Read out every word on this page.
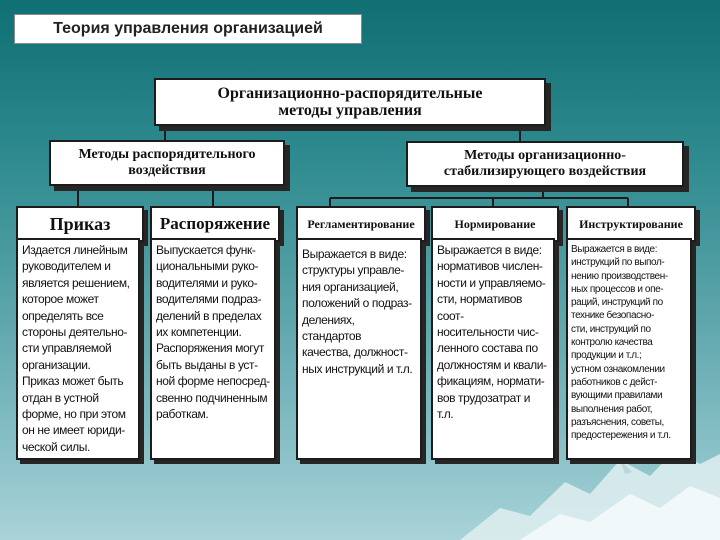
Теория управления организацией
Организационно-распорядительные
методы управления
Методы распорядительного
воздействия
Методы организационно-
стабилизирующего воздействия
Приказ
Издается линейным
руководителем и
является решением,
которое может
определять все
стороны деятельно-
сти управляемой
организации.
Приказ может быть
отдан в устной
форме, но при этом
он не имеет юриди-
ческой силы.
Распоряжение
Выпускается функ-
циональными руко-
водителями и руко-
водителями подраз-
делений в пределах
их компетенции.
Распоряжения могут
быть выданы в уст-
ной форме непосред-
свенно подчиненным
работкам.
Регламентирование
Выражается в виде:
структуры управле-
ния организацией,
положений о подраз-
делениях, стандартов
качества, должност-
ных инструкций и т.л.
Нормирование
Выражается в виде:
нормативов числен-
ности и управляемо-
сти, нормативов соот-
носительности чис-
ленного состава по
должностям и квали-
фикациям, нормати-
вов трудозатрат и т.л.
Инструктирование
Выражается в виде:
инструкций по выпол-
нению производствен-
ных процессов и опе-
раций, инструкций по
технике безопасно-
сти, инструкций по
контролю качества
продукции и т.л.;
устном ознакомлении
работников с дейст-
вующими правилами
выполнения работ,
разъяснения, советы,
предостережения и т.л.
